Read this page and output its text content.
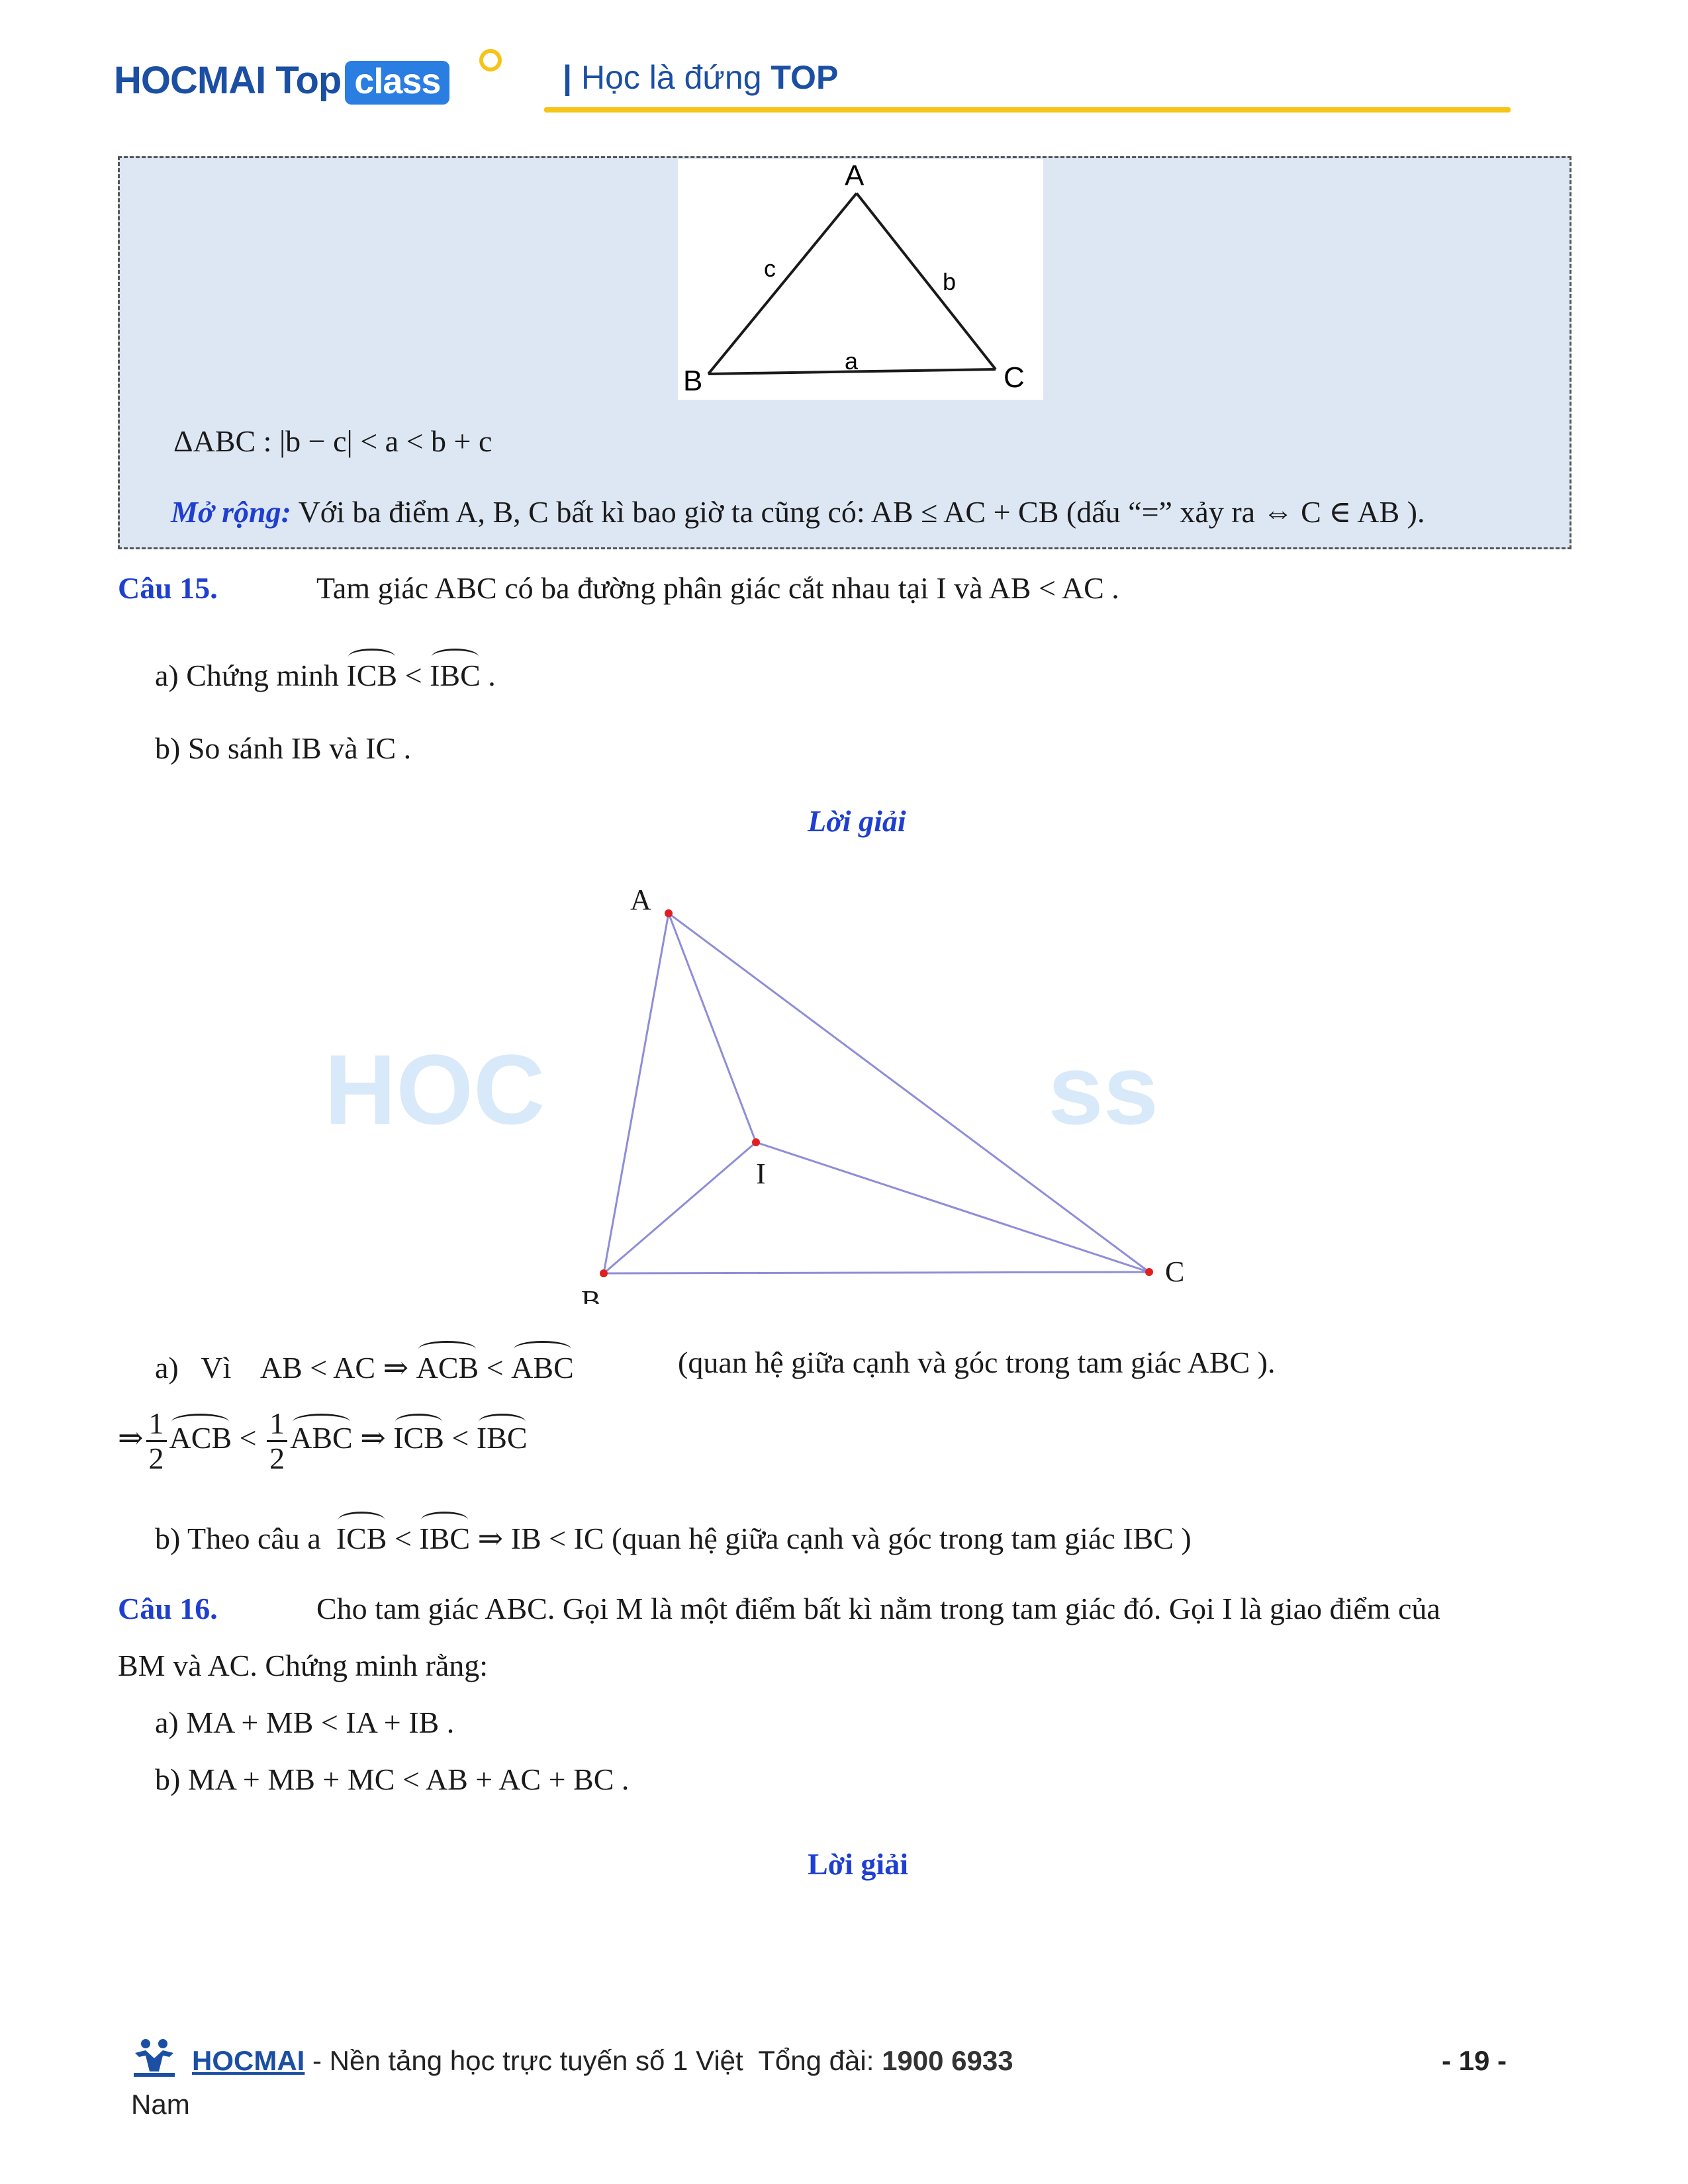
HOCMAI Top class	| Học là đứng TOP
A
B	C
a
b
c
ΔABC : |b − c| < a < b + c
Mở rộng: Với ba điểm A, B, C bất kì bao giờ ta cũng có: AB ≤ AC + CB (dấu “=” xảy ra ⇔ C ∈ AB ).
Câu 15.	Tam giác ABC có ba đường phân giác cắt nhau tại I và AB < AC .
a) Chứng minh ICB < IBC .
b) So sánh IB và IC .
Lời giải
HOC	ss
A
B
C
I
a)   Vì    AB < AC ⇒ ACB < ABC	(quan hệ giữa cạnh và góc trong tam giác ABC ).
⇒ $\frac{1}{2}$ ACB < $\frac{1}{2}$ ABC ⇒ ICB < IBC
b) Theo câu a  ICB < IBC ⇒ IB < IC (quan hệ giữa cạnh và góc trong tam giác IBC )
Câu 16.	Cho tam giác ABC. Gọi M là một điểm bất kì nằm trong tam giác đó. Gọi I là giao điểm của
BM và AC. Chứng minh rằng:
a) MA + MB < IA + IB .
b) MA + MB + MC < AB + AC + BC .
Lời giải
HOCMAI - Nền tảng học trực tuyến số 1 Việt  Tổng đài: 1900 6933	- 19 -
Nam
